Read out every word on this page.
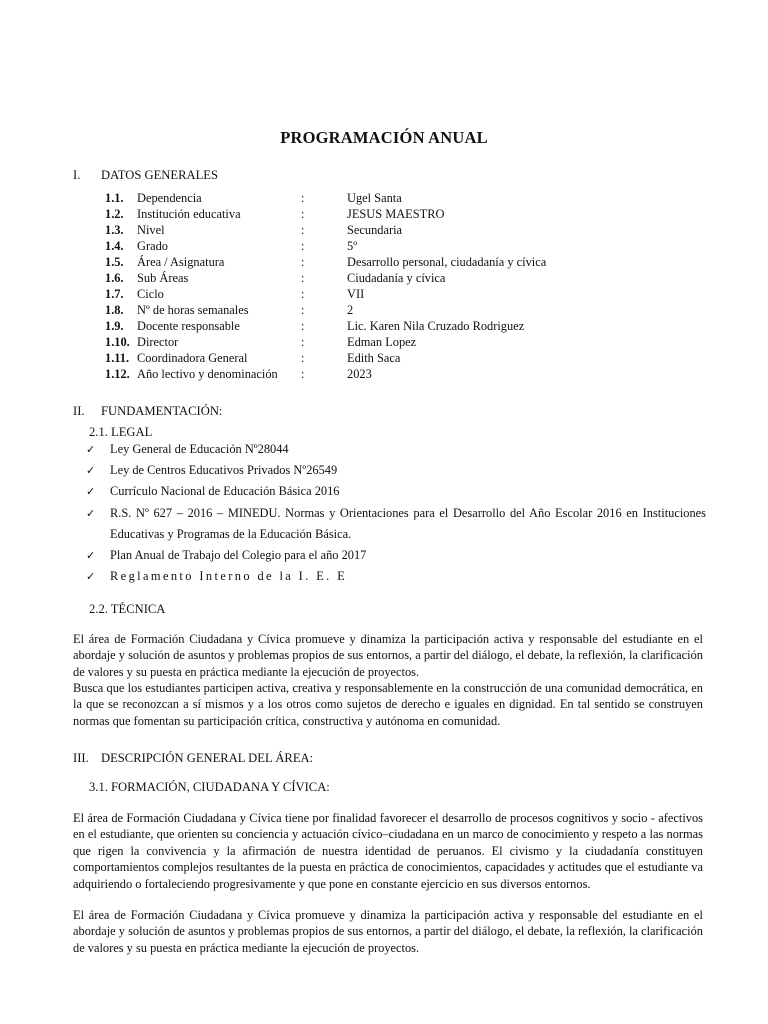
PROGRAMACIÓN ANUAL
I. DATOS GENERALES
1.1. Dependencia	:	Ugel Santa
1.2. Institución educativa	:	JESUS MAESTRO
1.3. Nivel	:	Secundaria
1.4. Grado	:	5º
1.5. Área / Asignatura	:	Desarrollo personal, ciudadanía y cívica
1.6. Sub Áreas	:	Ciudadanía y cívica
1.7. Ciclo	:	VII
1.8. Nº de horas semanales	:	2
1.9. Docente responsable	:	Lic. Karen Nila Cruzado Rodriguez
1.10. Director	:	Edman Lopez
1.11. Coordinadora General	:	Edith Saca
1.12. Año lectivo y denominación :	2023
II. FUNDAMENTACIÓN:
2.1. LEGAL
✓ Ley General de Educación Nº28044
✓ Ley de Centros Educativos Privados Nº26549
✓ Currículo Nacional de Educación Básica 2016
✓ R.S. Nº 627 – 2016 – MINEDU. Normas y Orientaciones para el Desarrollo del Año Escolar 2016 en Instituciones Educativas y Programas de la Educación Básica.
✓ Plan Anual de Trabajo del Colegio para el año 2017
✓ Reglamento Interno de la I. E. E
2.2. TÉCNICA
El área de Formación Ciudadana y Cívica promueve y dinamiza la participación activa y responsable del estudiante en el abordaje y solución de asuntos y problemas propios de sus entornos, a partir del diálogo, el debate, la reflexión, la clarificación de valores y su puesta en práctica mediante la ejecución de proyectos.
Busca que los estudiantes participen activa, creativa y responsablemente en la construcción de una comunidad democrática, en la que se reconozcan a sí mismos y a los otros como sujetos de derecho e iguales en dignidad. En tal sentido se construyen normas que fomentan su participación crítica, constructiva y autónoma en comunidad.
III. DESCRIPCIÓN GENERAL DEL ÁREA:
3.1. FORMACIÓN, CIUDADANA Y CÍVICA:
El área de Formación Ciudadana y Cívica tiene por finalidad favorecer el desarrollo de procesos cognitivos y socio - afectivos en el estudiante, que orienten su conciencia y actuación cívico–ciudadana en un marco de conocimiento y respeto a las normas que rigen la convivencia y la afirmación de nuestra identidad de peruanos. El civismo y la ciudadanía constituyen comportamientos complejos resultantes de la puesta en práctica de conocimientos, capacidades y actitudes que el estudiante va adquiriendo o fortaleciendo progresivamente y que pone en constante ejercicio en sus diversos entornos.
El área de Formación Ciudadana y Cívica promueve y dinamiza la participación activa y responsable del estudiante en el abordaje y solución de asuntos y problemas propios de sus entornos, a partir del diálogo, el debate, la reflexión, la clarificación de valores y su puesta en práctica mediante la ejecución de proyectos.
